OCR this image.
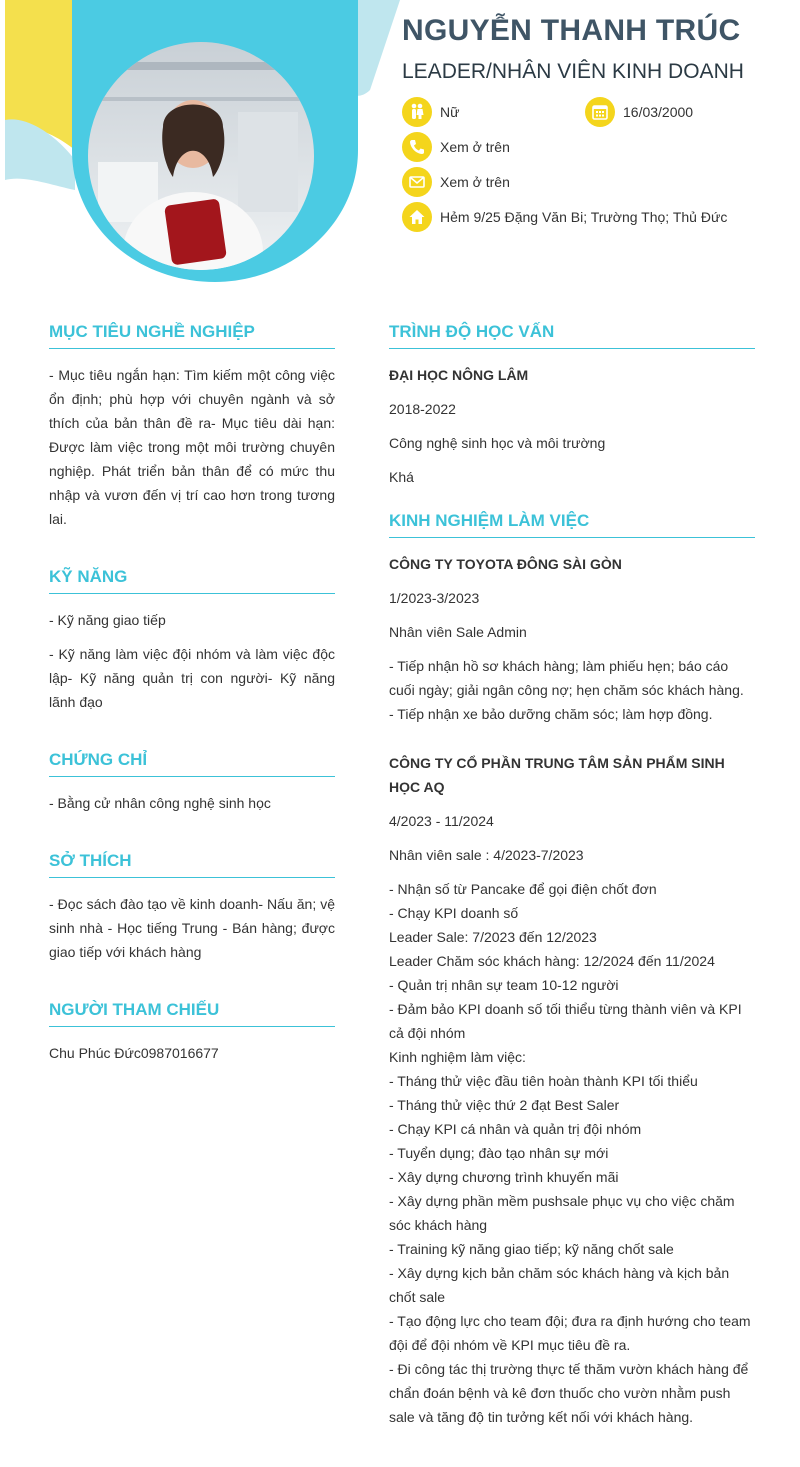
NGUYỄN THANH TRÚC
LEADER/NHÂN VIÊN KINH DOANH
Nữ	16/03/2000
Xem ở trên
Xem ở trên
Hẻm 9/25 Đặng Văn Bi; Trường Thọ; Thủ Đức
MỤC TIÊU NGHỀ NGHIỆP
- Mục tiêu ngắn hạn: Tìm kiếm một công việc ổn định; phù hợp với chuyên ngành và sở thích của bản thân đề ra- Mục tiêu dài hạn: Được làm việc trong một môi trường chuyên nghiệp. Phát triển bản thân để có mức thu nhập và vươn đến vị trí cao hơn trong tương lai.
KỸ NĂNG
- Kỹ năng giao tiếp
- Kỹ năng làm việc đội nhóm và làm việc độc lập- Kỹ năng quản trị con người- Kỹ năng lãnh đạo
CHỨNG CHỈ
- Bằng cử nhân công nghệ sinh học
SỞ THÍCH
- Đọc sách đào tạo về kinh doanh- Nấu ăn; vệ sinh nhà - Học tiếng Trung - Bán hàng; được giao tiếp với khách hàng
NGƯỜI THAM CHIẾU
Chu Phúc Đức0987016677
TRÌNH ĐỘ HỌC VẤN
ĐẠI HỌC NÔNG LÂM
2018-2022
Công nghệ sinh học và môi trường
Khá
KINH NGHIỆM LÀM VIỆC
CÔNG TY TOYOTA ĐÔNG SÀI GÒN
1/2023-3/2023
Nhân viên Sale Admin
- Tiếp nhận hồ sơ khách hàng; làm phiếu hẹn; báo cáo cuối ngày; giải ngân công nợ; hẹn chăm sóc khách hàng.
- Tiếp nhận xe bảo dưỡng chăm sóc; làm hợp đồng.
CÔNG TY CỔ PHẦN TRUNG TÂM SẢN PHẨM SINH HỌC AQ
4/2023 - 11/2024
Nhân viên sale : 4/2023-7/2023
- Nhận số từ Pancake để gọi điện chốt đơn
- Chạy KPI doanh số
Leader Sale: 7/2023 đến 12/2023
Leader Chăm sóc khách hàng: 12/2024 đến 11/2024
- Quản trị nhân sự team 10-12 người
- Đảm bảo KPI doanh số tối thiểu từng thành viên và KPI cả đội nhóm
Kinh nghiệm làm việc:
- Tháng thử việc đầu tiên hoàn thành KPI tối thiểu
- Tháng thử việc thứ 2 đạt Best Saler
- Chạy KPI cá nhân và quản trị đội nhóm
- Tuyển dụng; đào tạo nhân sự mới
- Xây dựng chương trình khuyến mãi
- Xây dựng phần mềm pushsale phục vụ cho việc chăm sóc khách hàng
- Training kỹ năng giao tiếp; kỹ năng chốt sale
- Xây dựng kịch bản chăm sóc khách hàng và kịch bản chốt sale
- Tạo động lực cho team đội; đưa ra định hướng cho team đội để đội nhóm về KPI mục tiêu đề ra.
- Đi công tác thị trường thực tế thăm vườn khách hàng để chẩn đoán bệnh và kê đơn thuốc cho vườn nhằm push sale và tăng độ tin tưởng kết nối với khách hàng.
